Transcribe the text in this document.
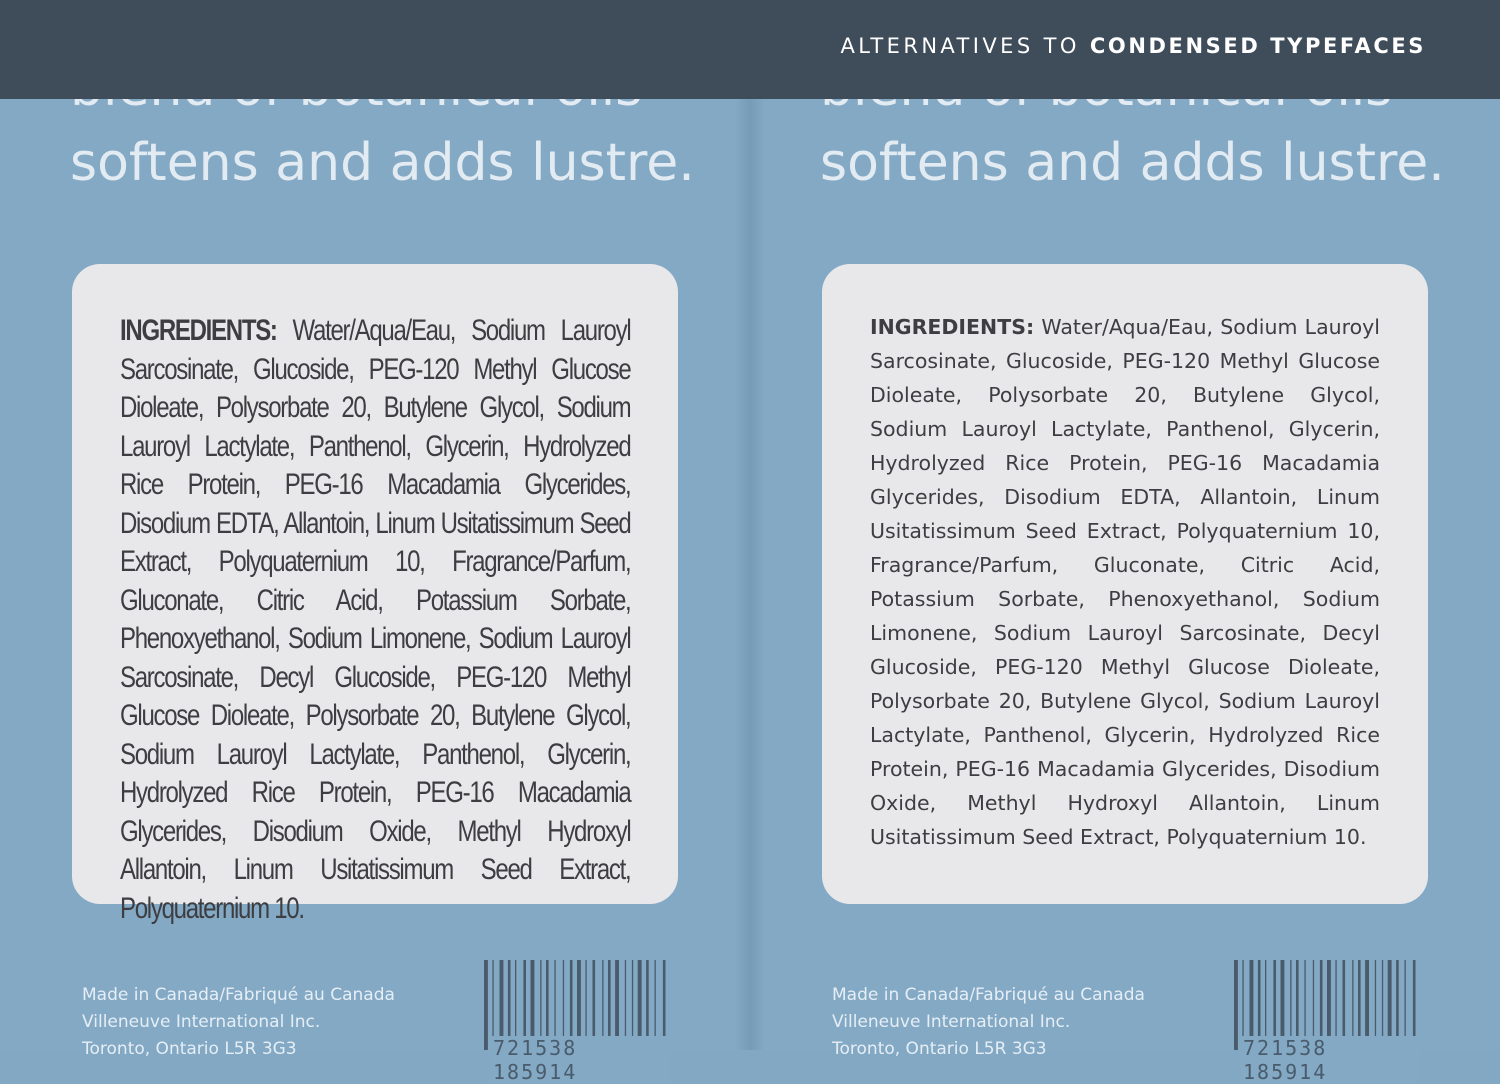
softens and adds lustre.
INGREDIENTS: Water/Aqua/Eau, Sodium Lauroyl Sarcosinate, Glucoside, PEG-120 Methyl Glucose Dioleate, Polysorbate 20, Butylene Glycol, Sodium Lauroyl Lactylate, Panthenol, Glycerin, Hydrolyzed Rice Protein, PEG-16 Macadamia Glycerides, Disodium EDTA, Allantoin, Linum Usitatissimum Seed Extract, Polyquaternium 10, Fragrance/Parfum, Gluconate, Citric Acid, Potassium Sorbate, Phenoxyethanol, Sodium Limonene, Sodium Lauroyl Sarcosinate, Decyl Glucoside, PEG-120 Methyl Glucose Dioleate, Polysorbate 20, Butylene Glycol, Sodium Lauroyl Lactylate, Panthenol, Glycerin, Hydrolyzed Rice Protein, PEG-16 Macadamia Glycerides, Disodium Oxide, Methyl Hydroxyl Allantoin, Linum Usitatissimum Seed Extract, Polyquaternium 10.
Made in Canada/Fabriqué au Canada
Villeneuve International Inc.
Toronto, Ontario L5R 3G3	721538 185914
softens and adds lustre.
INGREDIENTS: Water/Aqua/Eau, Sodium Lauroyl Sarcosinate, Glucoside, PEG-120 Methyl Glucose Dioleate, Polysorbate 20, Butylene Glycol, Sodium Lauroyl Lactylate, Panthenol, Glycerin, Hydrolyzed Rice Protein, PEG-16 Macadamia Glycerides, Disodium EDTA, Allantoin, Linum Usitatissimum Seed Extract, Polyquaternium 10, Fragrance/Parfum, Gluconate, Citric Acid, Potassium Sorbate, Phenoxyethanol, Sodium Limonene, Sodium Lauroyl Sarcosinate, Decyl Glucoside, PEG-120 Methyl Glucose Dioleate, Polysorbate 20, Butylene Glycol, Sodium Lauroyl Lactylate, Panthenol, Glycerin, Hydrolyzed Rice Protein, PEG-16 Macadamia Glycerides, Disodium Oxide, Methyl Hydroxyl Allantoin, Linum Usitatissimum Seed Extract, Polyquaternium 10.
Made in Canada/Fabriqué au Canada
Villeneuve International Inc.
Toronto, Ontario L5R 3G3	721538 185914
ALTERNATIVES TO CONDENSED TYPEFACES
